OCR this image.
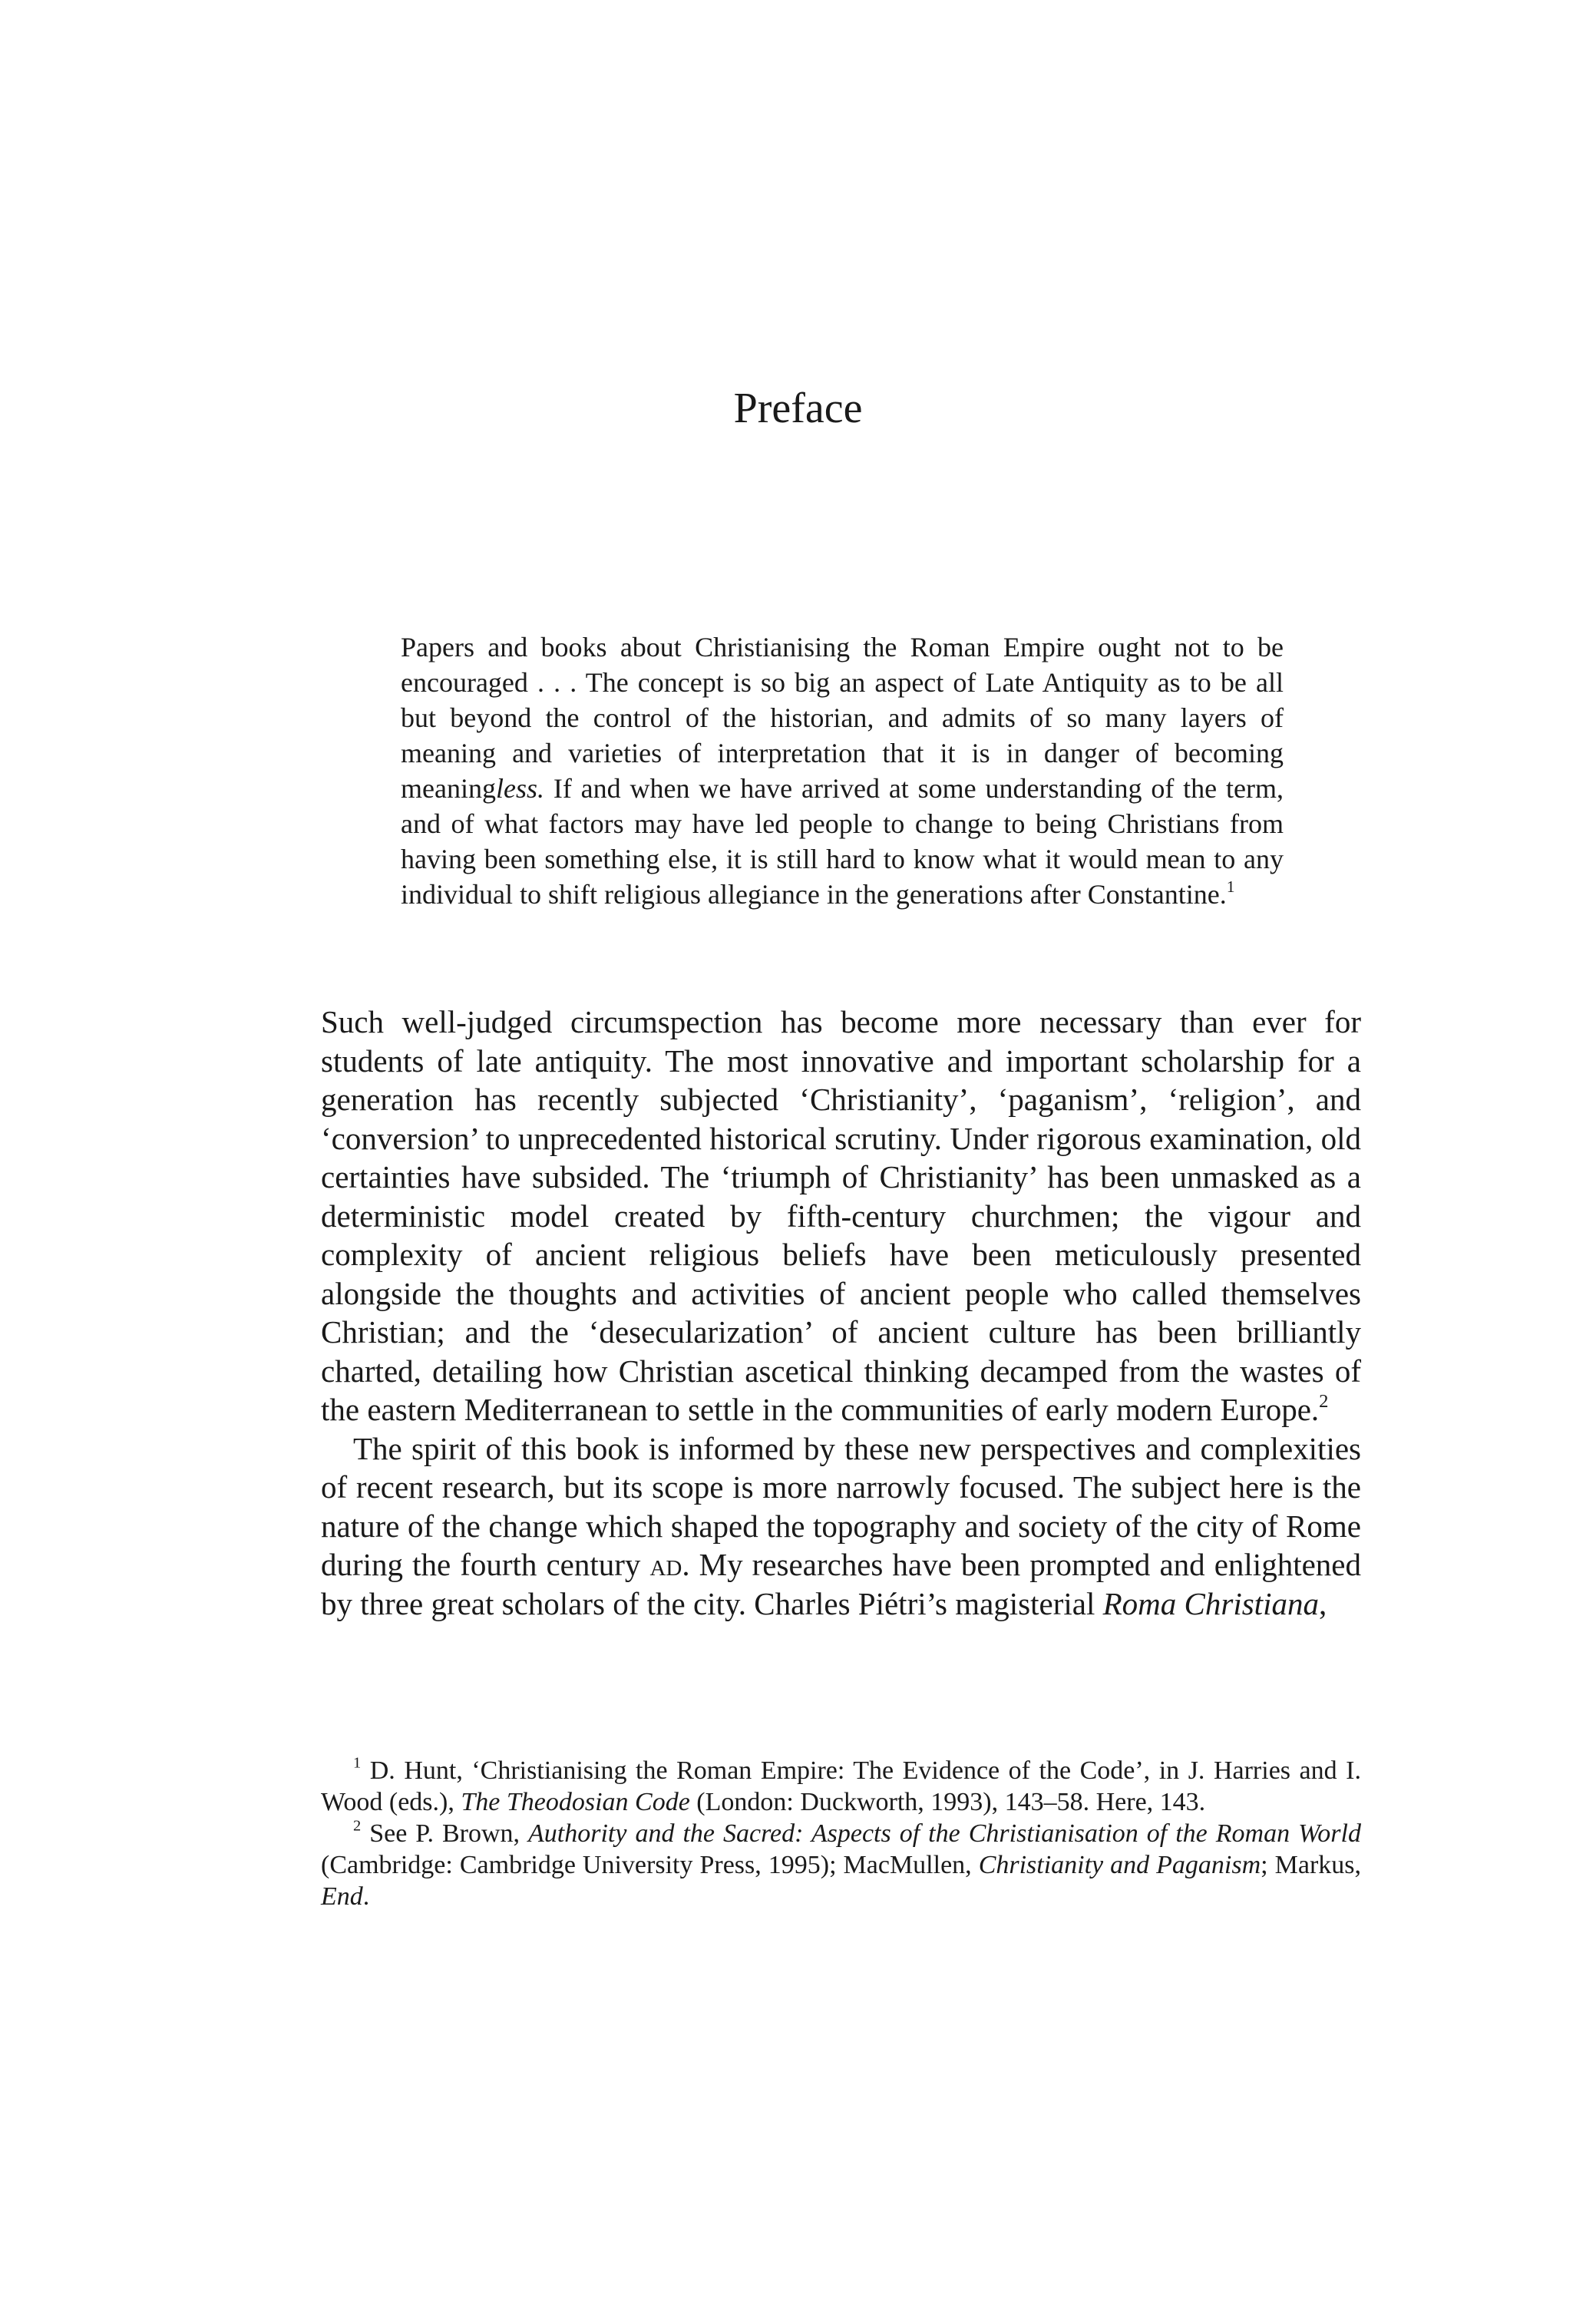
Preface
Papers and books about Christianising the Roman Empire ought not to be encouraged . . . The concept is so big an aspect of Late Antiquity as to be all but beyond the control of the historian, and admits of so many layers of meaning and varieties of interpretation that it is in danger of becoming meaningless. If and when we have arrived at some understanding of the term, and of what factors may have led people to change to being Christians from having been something else, it is still hard to know what it would mean to any individual to shift religious allegiance in the generations after Constantine.$^1$

Such well-judged circumspection has become more necessary than ever for students of late antiquity. The most innovative and important scholarship for a generation has recently subjected ‘Christianity’, ‘paganism’, ‘religion’, and ‘conversion’ to unprecedented historical scrutiny. Under rigorous examination, old certainties have subsided. The ‘triumph of Christianity’ has been unmasked as a deterministic model created by fifth-century churchmen; the vigour and complexity of ancient religious beliefs have been meticulously presented alongside the thoughts and activities of ancient people who called themselves Christian; and the ‘desecularization’ of ancient culture has been brilliantly charted, detailing how Christian ascetical thinking decamped from the wastes of the eastern Mediterranean to settle in the communities of early modern Europe.$^2$

The spirit of this book is informed by these new perspectives and complexities of recent research, but its scope is more narrowly focused. The subject here is the nature of the change which shaped the topography and society of the city of Rome during the fourth century ad. My researches have been prompted and enlightened by three great scholars of the city. Charles Piétri’s magisterial Roma Christiana,

$^1$ D. Hunt, ‘Christianising the Roman Empire: The Evidence of the Code’, in J. Harries and I. Wood (eds.), The Theodosian Code (London: Duckworth, 1993), 143–58. Here, 143.

$^2$ See P. Brown, Authority and the Sacred: Aspects of the Christianisation of the Roman World (Cambridge: Cambridge University Press, 1995); MacMullen, Christianity and Paganism; Markus, End.
